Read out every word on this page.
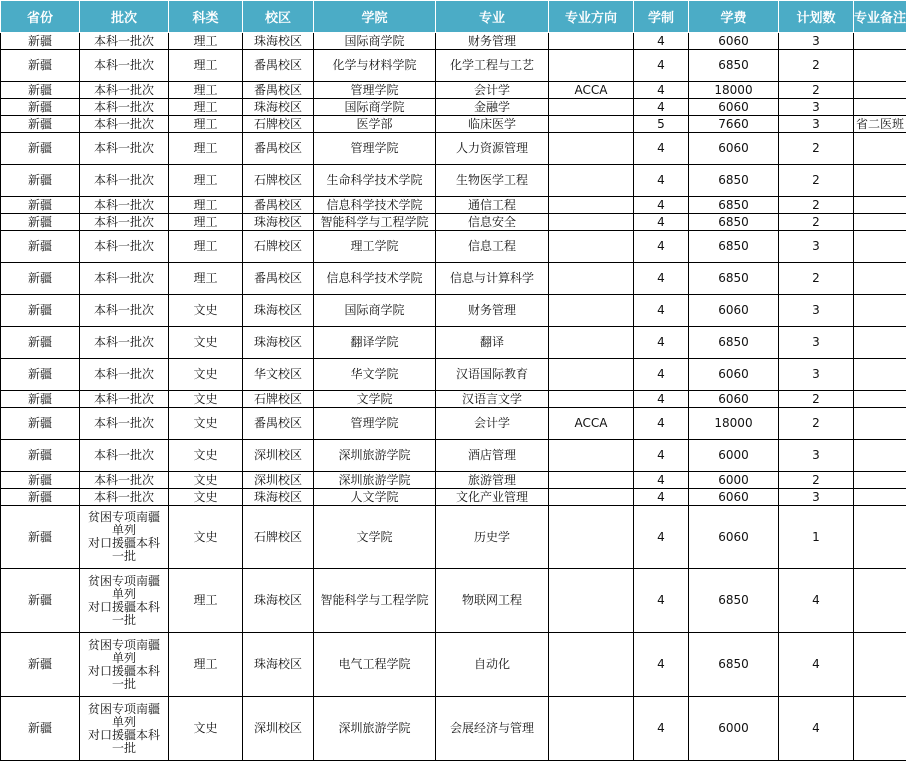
省份	批次	科类	校区	学院	专业	专业方向	学制	学费	计划数	专业备注
新疆	本科一批次	理工	珠海校区	国际商学院	财务管理		4	6060	3	
新疆	本科一批次	理工	番禺校区	化学与材料学院	化学工程与工艺		4	6850	2	
新疆	本科一批次	理工	番禺校区	管理学院	会计学	ACCA	4	18000	2	
新疆	本科一批次	理工	珠海校区	国际商学院	金融学		4	6060	3	
新疆	本科一批次	理工	石牌校区	医学部	临床医学		5	7660	3	省二医班
新疆	本科一批次	理工	番禺校区	管理学院	人力资源管理		4	6060	2	
新疆	本科一批次	理工	石牌校区	生命科学技术学院	生物医学工程		4	6850	2	
新疆	本科一批次	理工	番禺校区	信息科学技术学院	通信工程		4	6850	2	
新疆	本科一批次	理工	珠海校区	智能科学与工程学院	信息安全		4	6850	2	
新疆	本科一批次	理工	石牌校区	理工学院	信息工程		4	6850	3	
新疆	本科一批次	理工	番禺校区	信息科学技术学院	信息与计算科学		4	6850	2	
新疆	本科一批次	文史	珠海校区	国际商学院	财务管理		4	6060	3	
新疆	本科一批次	文史	珠海校区	翻译学院	翻译		4	6850	3	
新疆	本科一批次	文史	华文校区	华文学院	汉语国际教育		4	6060	3	
新疆	本科一批次	文史	石牌校区	文学院	汉语言文学		4	6060	2	
新疆	本科一批次	文史	番禺校区	管理学院	会计学	ACCA	4	18000	2	
新疆	本科一批次	文史	深圳校区	深圳旅游学院	酒店管理		4	6000	3	
新疆	本科一批次	文史	深圳校区	深圳旅游学院	旅游管理		4	6000	2	
新疆	本科一批次	文史	珠海校区	人文学院	文化产业管理		4	6060	3	
新疆	贫困专项南疆
单列
对口援疆本科
一批	文史	石牌校区	文学院	历史学		4	6060	1	
新疆	贫困专项南疆
单列
对口援疆本科
一批	理工	珠海校区	智能科学与工程学院	物联网工程		4	6850	4	
新疆	贫困专项南疆
单列
对口援疆本科
一批	理工	珠海校区	电气工程学院	自动化		4	6850	4	
新疆	贫困专项南疆
单列
对口援疆本科
一批	文史	深圳校区	深圳旅游学院	会展经济与管理		4	6000	4	
